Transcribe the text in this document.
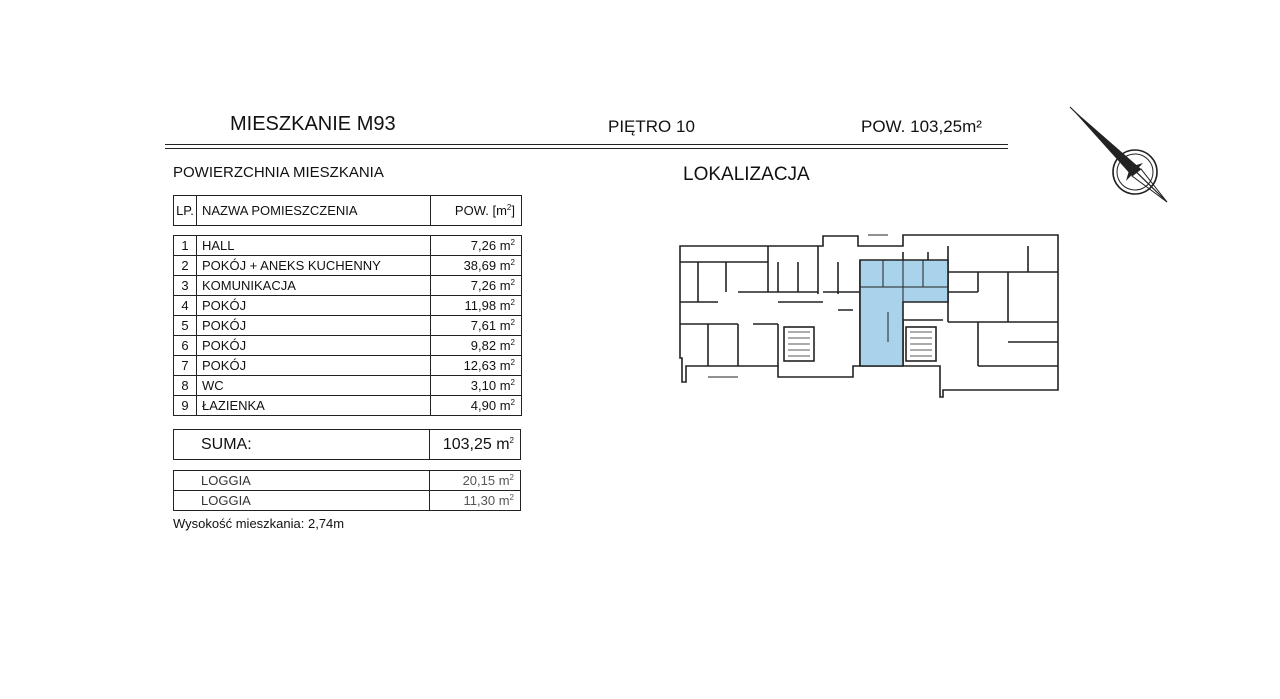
MIESZKANIE M93	PIĘTRO 10	POW. 103,25m²
POWIERZCHNIA MIESZKANIA	LOKALIZACJA
LP.	NAZWA POMIESZCZENIA	POW. $[m^2]$
1	HALL	7,26 $m^2$
2	POKÓJ + ANEKS KUCHENNY	38,69 $m^2$
3	KOMUNIKACJA	7,26 $m^2$
4	POKÓJ	11,98 $m^2$
5	POKÓJ	7,61 $m^2$
6	POKÓJ	9,82 $m^2$
7	POKÓJ	12,63 $m^2$
8	WC	3,10 $m^2$
9	ŁAZIENKA	4,90 $m^2$
	SUMA:	103,25 $m^2$
	LOGGIA	20,15 $m^2$
	LOGGIA	11,30 $m^2$
Wysokość mieszkania: 2,74m
